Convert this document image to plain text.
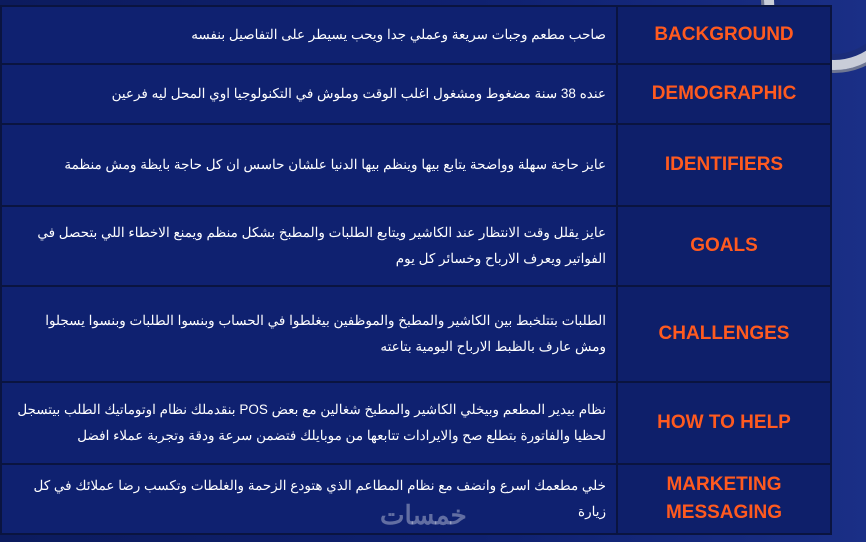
صاحب مطعم وجبات سريعة وعملي جدا ويحب يسيطر على التفاصيل بنفسه	BACKGROUND

عنده 38 سنة مضغوط ومشغول اغلب الوقت وملوش في التكنولوجيا اوي المحل ليه فرعين	DEMOGRAPHIC

عايز حاجة سهلة وواضحة يتابع بيها وينظم بيها الدنيا علشان حاسس ان كل حاجة بايظة ومش منظمة	IDENTIFIERS

عايز يقلل وقت الانتظار عند الكاشير ويتابع الطلبات والمطبخ بشكل منظم ويمنع الاخطاء اللي بتحصل في الفواتير ويعرف الارباح وخسائر كل يوم	GOALS

الطلبات بتتلخبط بين الكاشير والمطبخ والموظفين بيغلطوا في الحساب وبنسوا الطلبات وبنسوا يسجلوا ومش عارف بالظبط الارباح اليومية بتاعته	CHALLENGES

نظام بيدير المطعم وبيخلي الكاشير والمطبخ شغالين مع بعض POS بنقدملك نظام اوتوماتيك الطلب بيتسجل لحظيا والفاتورة بتطلع صح والايرادات تتابعها من موبايلك فتضمن سرعة ودقة وتجربة عملاء افضل	HOW TO HELP

خلي مطعمك اسرع وانضف مع نظام المطاعم الذي هتودع الزحمة والغلطات وتكسب رضا عملائك في كل زيارة	MARKETING
MESSAGING
خمسات
